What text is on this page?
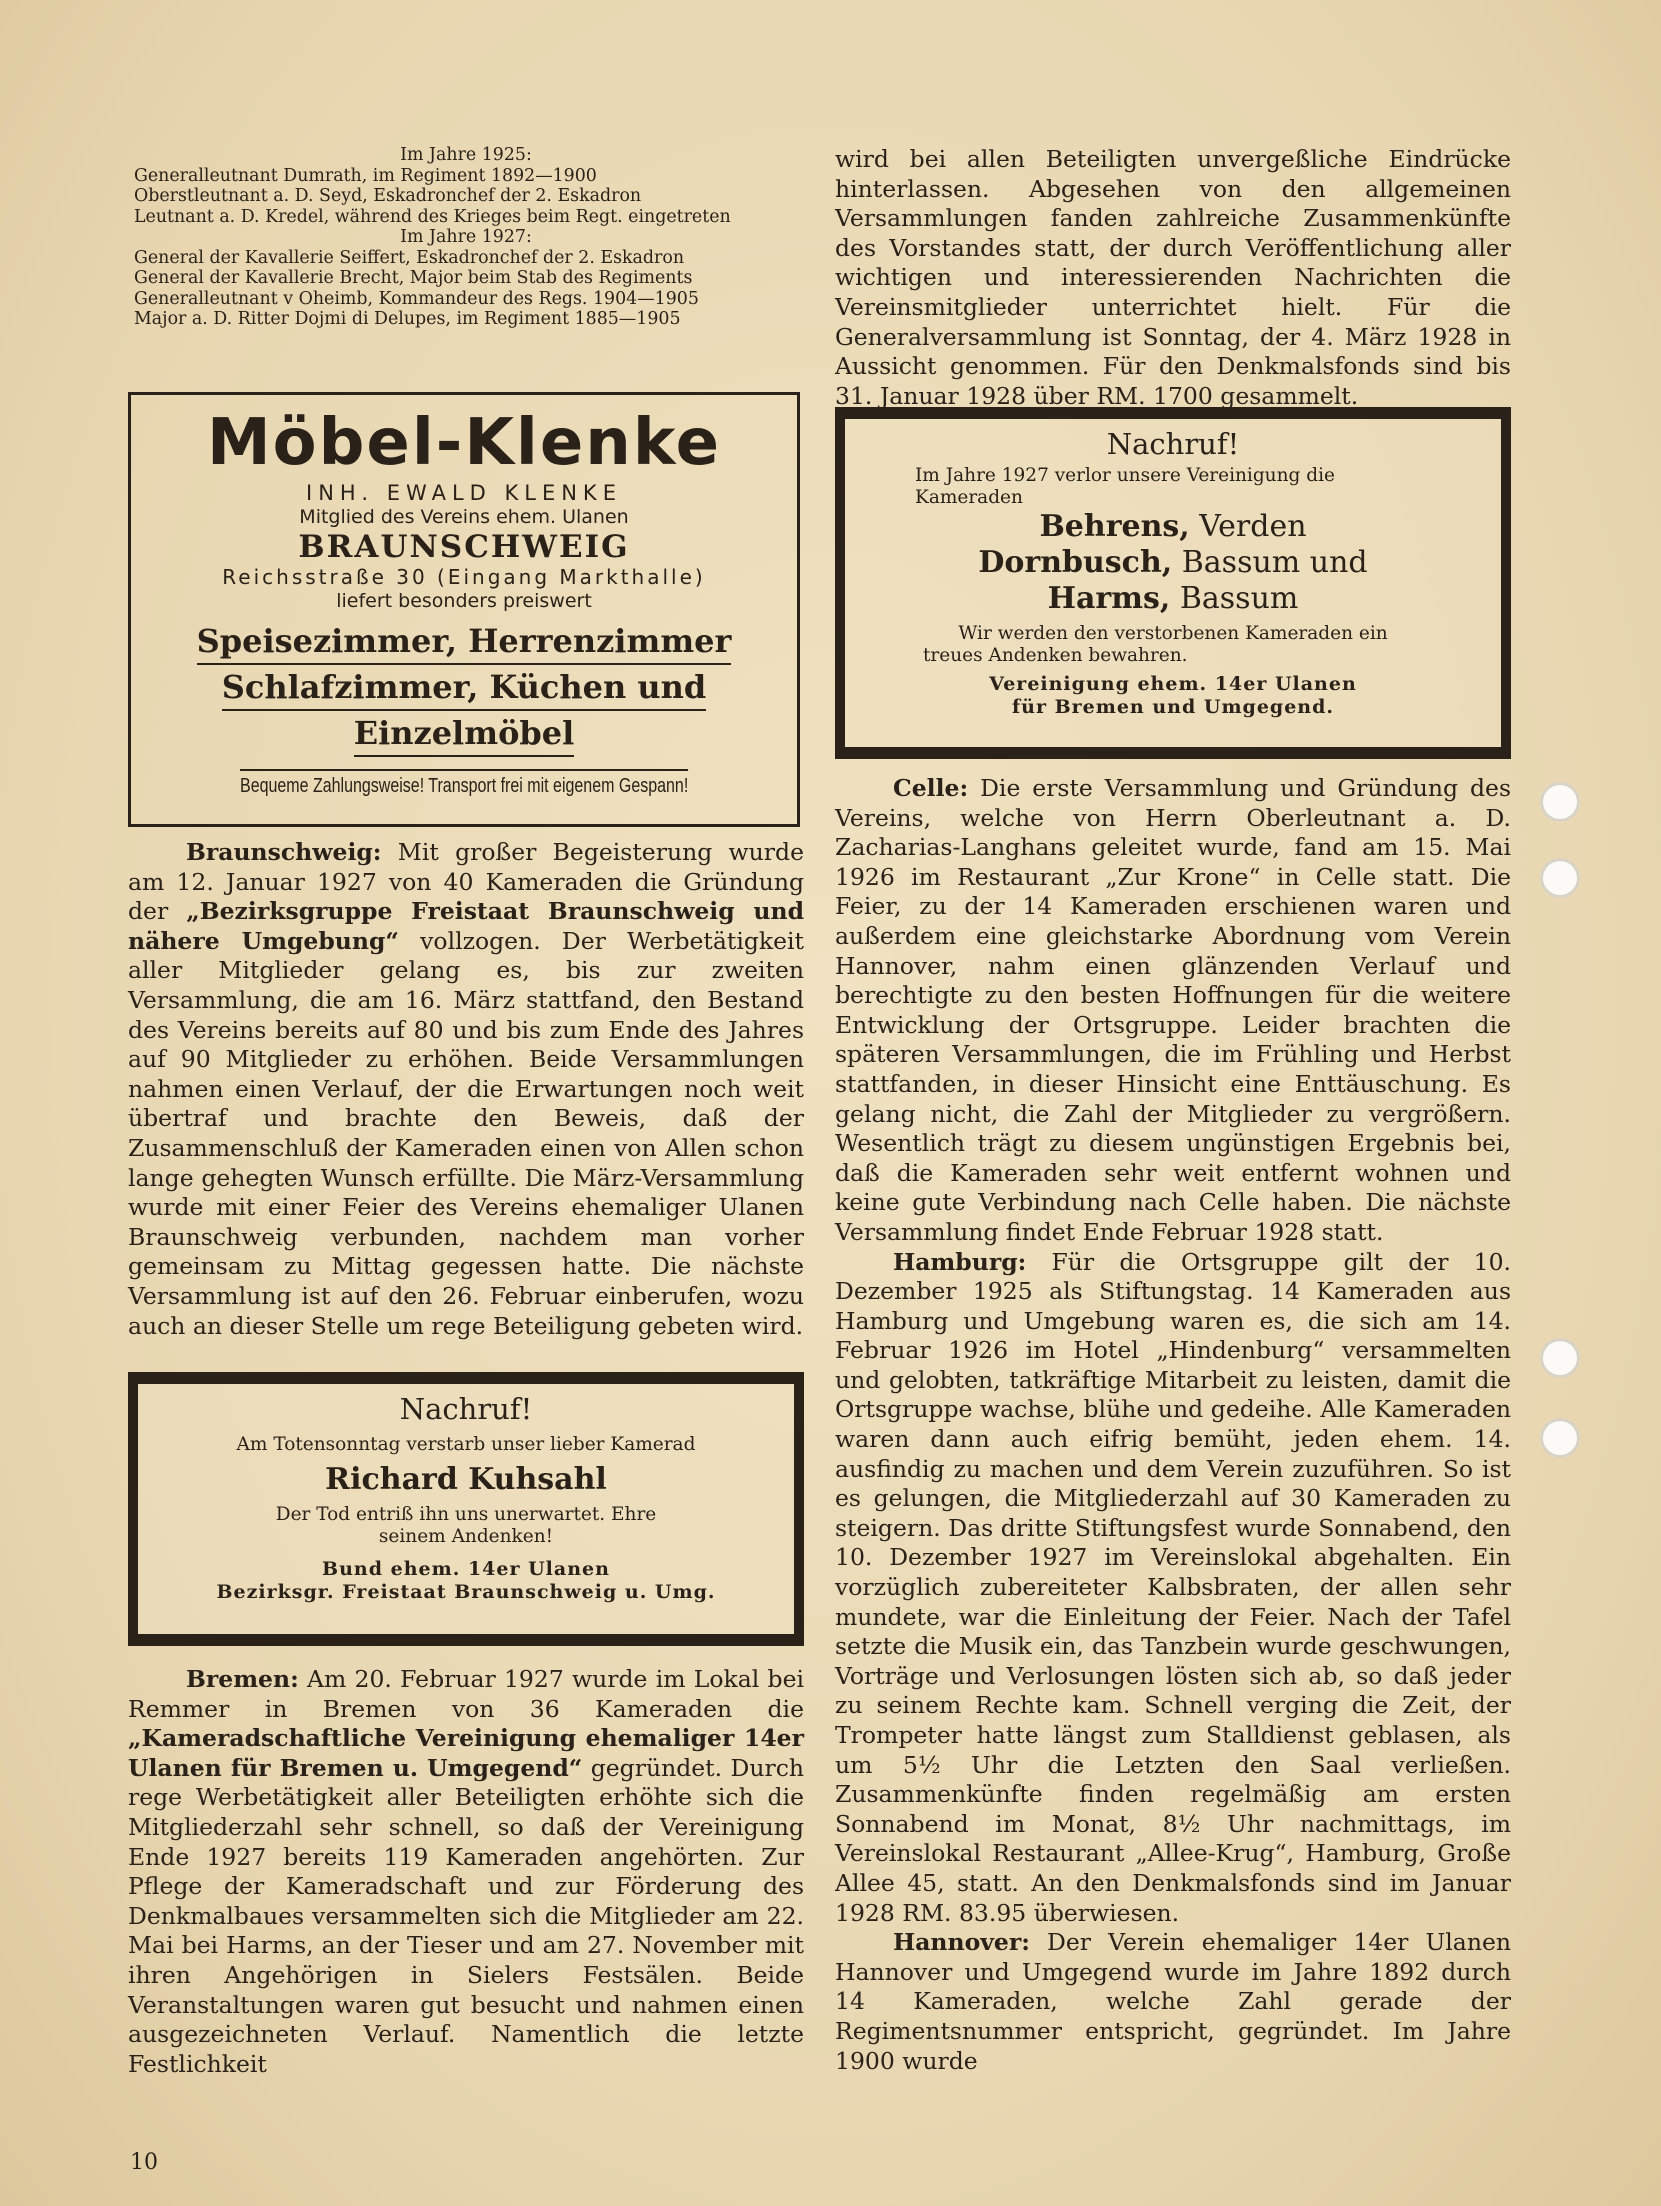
Im Jahre 1925:
Generalleutnant Dumrath, im Regiment 1892—1900
Oberstleutnant a. D. Seyd, Eskadronchef der 2. Eskadron
Leutnant a. D. Kredel, während des Krieges beim Regt. eingetreten
Im Jahre 1927:
General der Kavallerie Seiffert, Eskadronchef der 2. Eskadron
General der Kavallerie Brecht, Major beim Stab des Regiments
Generalleutnant v Oheimb, Kommandeur des Regs. 1904—1905
Major a. D. Ritter Dojmi di Delupes, im Regiment 1885—1905
Möbel-Klenke
INH. EWALD KLENKE
Mitglied des Vereins ehem. Ulanen
BRAUNSCHWEIG
Reichsstraße 30 (Eingang Markthalle)
liefert besonders preiswert
Speisezimmer, Herrenzimmer
Schlafzimmer, Küchen und
Einzelmöbel
Bequeme Zahlungsweise! Transport frei mit eigenem Gespann!

Braunschweig: Mit großer Begeisterung wurde am 12. Januar 1927 von 40 Kameraden die Gründung der „Bezirksgruppe Freistaat Braunschweig und nähere Umgebung“ vollzogen. Der Werbetätigkeit aller Mitglieder gelang es, bis zur zweiten Versammlung, die am 16. März stattfand, den Bestand des Vereins bereits auf 80 und bis zum Ende des Jahres auf 90 Mitglieder zu erhöhen. Beide Versammlungen nahmen einen Verlauf, der die Erwartungen noch weit übertraf und brachte den Beweis, daß der Zusammenschluß der Kameraden einen von Allen schon lange gehegten Wunsch erfüllte. Die März-Versammlung wurde mit einer Feier des Vereins ehemaliger Ulanen Braunschweig verbunden, nachdem man vorher gemeinsam zu Mittag gegessen hatte. Die nächste Versammlung ist auf den 26. Februar einberufen, wozu auch an dieser Stelle um rege Beteiligung gebeten wird.

Nachruf!
Am Totensonntag verstarb unser lieber Kamerad
Richard Kuhsahl
Der Tod entriß ihn uns unerwartet. Ehre
seinem Andenken!
Bund ehem. 14er Ulanen
Bezirksgr. Freistaat Braunschweig u. Umg.

Bremen: Am 20. Februar 1927 wurde im Lokal bei Remmer in Bremen von 36 Kameraden die „Kameradschaftliche Vereinigung ehemaliger 14er Ulanen für Bremen u. Umgegend“ gegründet. Durch rege Werbetätigkeit aller Beteiligten erhöhte sich die Mitgliederzahl sehr schnell, so daß der Vereinigung Ende 1927 bereits 119 Kameraden angehörten. Zur Pflege der Kameradschaft und zur Förderung des Denkmalbaues versammelten sich die Mitglieder am 22. Mai bei Harms, an der Tieser und am 27. November mit ihren Angehörigen in Sielers Festsälen. Beide Veranstaltungen waren gut besucht und nahmen einen ausgezeichneten Verlauf. Namentlich die letzte Festlichkeit

wird bei allen Beteiligten unvergeßliche Eindrücke hinterlassen. Abgesehen von den allgemeinen Versammlungen fanden zahlreiche Zusammenkünfte des Vorstandes statt, der durch Veröffentlichung aller wichtigen und interessierenden Nachrichten die Vereinsmitglieder unterrichtet hielt. Für die Generalversammlung ist Sonntag, der 4. März 1928 in Aussicht genommen. Für den Denkmalsfonds sind bis 31. Januar 1928 über RM. 1700 gesammelt.

Nachruf!
Im Jahre 1927 verlor unsere Vereinigung die
Kameraden
Behrens, Verden
Dornbusch, Bassum und
Harms, Bassum
Wir werden den verstorbenen Kameraden ein
treues Andenken bewahren.
Vereinigung ehem. 14er Ulanen
für Bremen und Umgegend.

Celle: Die erste Versammlung und Gründung des Vereins, welche von Herrn Oberleutnant a. D. Zacharias-Langhans geleitet wurde, fand am 15. Mai 1926 im Restaurant „Zur Krone“ in Celle statt. Die Feier, zu der 14 Kameraden erschienen waren und außerdem eine gleichstarke Abordnung vom Verein Hannover, nahm einen glänzenden Verlauf und berechtigte zu den besten Hoffnungen für die weitere Entwicklung der Ortsgruppe. Leider brachten die späteren Versammlungen, die im Frühling und Herbst stattfanden, in dieser Hinsicht eine Enttäuschung. Es gelang nicht, die Zahl der Mitglieder zu vergrößern. Wesentlich trägt zu diesem ungünstigen Ergebnis bei, daß die Kameraden sehr weit entfernt wohnen und keine gute Verbindung nach Celle haben. Die nächste Versammlung findet Ende Februar 1928 statt.

Hamburg: Für die Ortsgruppe gilt der 10. Dezember 1925 als Stiftungstag. 14 Kameraden aus Hamburg und Umgebung waren es, die sich am 14. Februar 1926 im Hotel „Hindenburg“ versammelten und gelobten, tatkräftige Mitarbeit zu leisten, damit die Ortsgruppe wachse, blühe und gedeihe. Alle Kameraden waren dann auch eifrig bemüht, jeden ehem. 14. ausfindig zu machen und dem Verein zuzuführen. So ist es gelungen, die Mitgliederzahl auf 30 Kameraden zu steigern. Das dritte Stiftungsfest wurde Sonnabend, den 10. Dezember 1927 im Vereinslokal abgehalten. Ein vorzüglich zubereiteter Kalbsbraten, der allen sehr mundete, war die Einleitung der Feier. Nach der Tafel setzte die Musik ein, das Tanzbein wurde geschwungen, Vorträge und Verlosungen lösten sich ab, so daß jeder zu seinem Rechte kam. Schnell verging die Zeit, der Trompeter hatte längst zum Stalldienst geblasen, als um 5½ Uhr die Letzten den Saal verließen. Zusammenkünfte finden regelmäßig am ersten Sonnabend im Monat, 8½ Uhr nachmittags, im Vereinslokal Restaurant „Allee-Krug“, Hamburg, Große Allee 45, statt. An den Denkmalsfonds sind im Januar 1928 RM. 83.95 überwiesen.

Hannover: Der Verein ehemaliger 14er Ulanen Hannover und Umgegend wurde im Jahre 1892 durch 14 Kameraden, welche Zahl gerade der Regimentsnummer entspricht, gegründet. Im Jahre 1900 wurde

10
